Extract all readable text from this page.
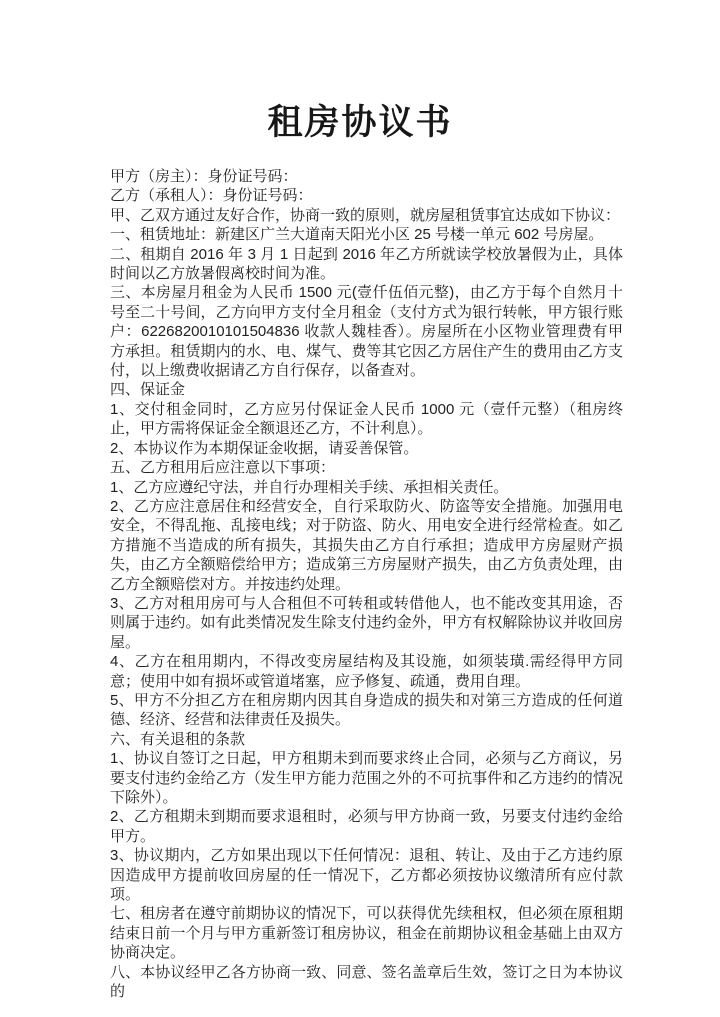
租房协议书

甲方（房主）：身份证号码：

乙方（承租人）：身份证号码：

甲、乙双方通过友好合作，协商一致的原则，就房屋租赁事宜达成如下协议：

一、租赁地址：新建区广兰大道南天阳光小区 25 号楼一单元 602 号房屋。

二、租期自 2016 年 3 月 1 日起到 2016 年乙方所就读学校放暑假为止，具体时间以乙方放暑假离校时间为准。

三、本房屋月租金为人民币 1500 元(壹仟伍佰元整)，由乙方于每个自然月十号至二十号间，乙方向甲方支付全月租金（支付方式为银行转帐，甲方银行账户：6226820010101504836 收款人魏桂香）。房屋所在小区物业管理费有甲方承担。租赁期内的水、电、煤气、费等其它因乙方居住产生的费用由乙方支付，以上缴费收据请乙方自行保存，以备查对。

四、保证金

1、交付租金同时，乙方应另付保证金人民币 1000 元（壹仟元整）（租房终止，甲方需将保证金全额退还乙方，不计利息）。

2、本协议作为本期保证金收据，请妥善保管。

五、乙方租用后应注意以下事项：

1、乙方应遵纪守法，并自行办理相关手续、承担相关责任。

2、乙方应注意居住和经营安全，自行采取防火、防盗等安全措施。加强用电安全，不得乱拖、乱接电线；对于防盗、防火、用电安全进行经常检查。如乙方措施不当造成的所有损失，其损失由乙方自行承担；造成甲方房屋财产损失，由乙方全额赔偿给甲方；造成第三方房屋财产损失，由乙方负责处理，由乙方全额赔偿对方。并按违约处理。

3、乙方对租用房可与人合租但不可转租或转借他人，也不能改变其用途，否则属于违约。如有此类情况发生除支付违约金外，甲方有权解除协议并收回房屋。

4、乙方在租用期内，不得改变房屋结构及其设施，如须装璜.需经得甲方同意；使用中如有损坏或管道堵塞，应予修复、疏通，费用自理。

5、甲方不分担乙方在租房期内因其自身造成的损失和对第三方造成的任何道德、经济、经营和法律责任及损失。

六、有关退租的条款

1、协议自签订之日起，甲方租期未到而要求终止合同，必须与乙方商议，另要支付违约金给乙方（发生甲方能力范围之外的不可抗事件和乙方违约的情况下除外）。

2、乙方租期未到期而要求退租时，必须与甲方协商一致，另要支付违约金给甲方。

3、协议期内，乙方如果出现以下任何情况：退租、转让、及由于乙方违约原因造成甲方提前收回房屋的任一情况下，乙方都必须按协议缴清所有应付款项。

七、租房者在遵守前期协议的情况下，可以获得优先续租权，但必须在原租期结束日前一个月与甲方重新签订租房协议，租金在前期协议租金基础上由双方协商决定。

八、本协议经甲乙各方协商一致、同意、签名盖章后生效，签订之日为本协议的
